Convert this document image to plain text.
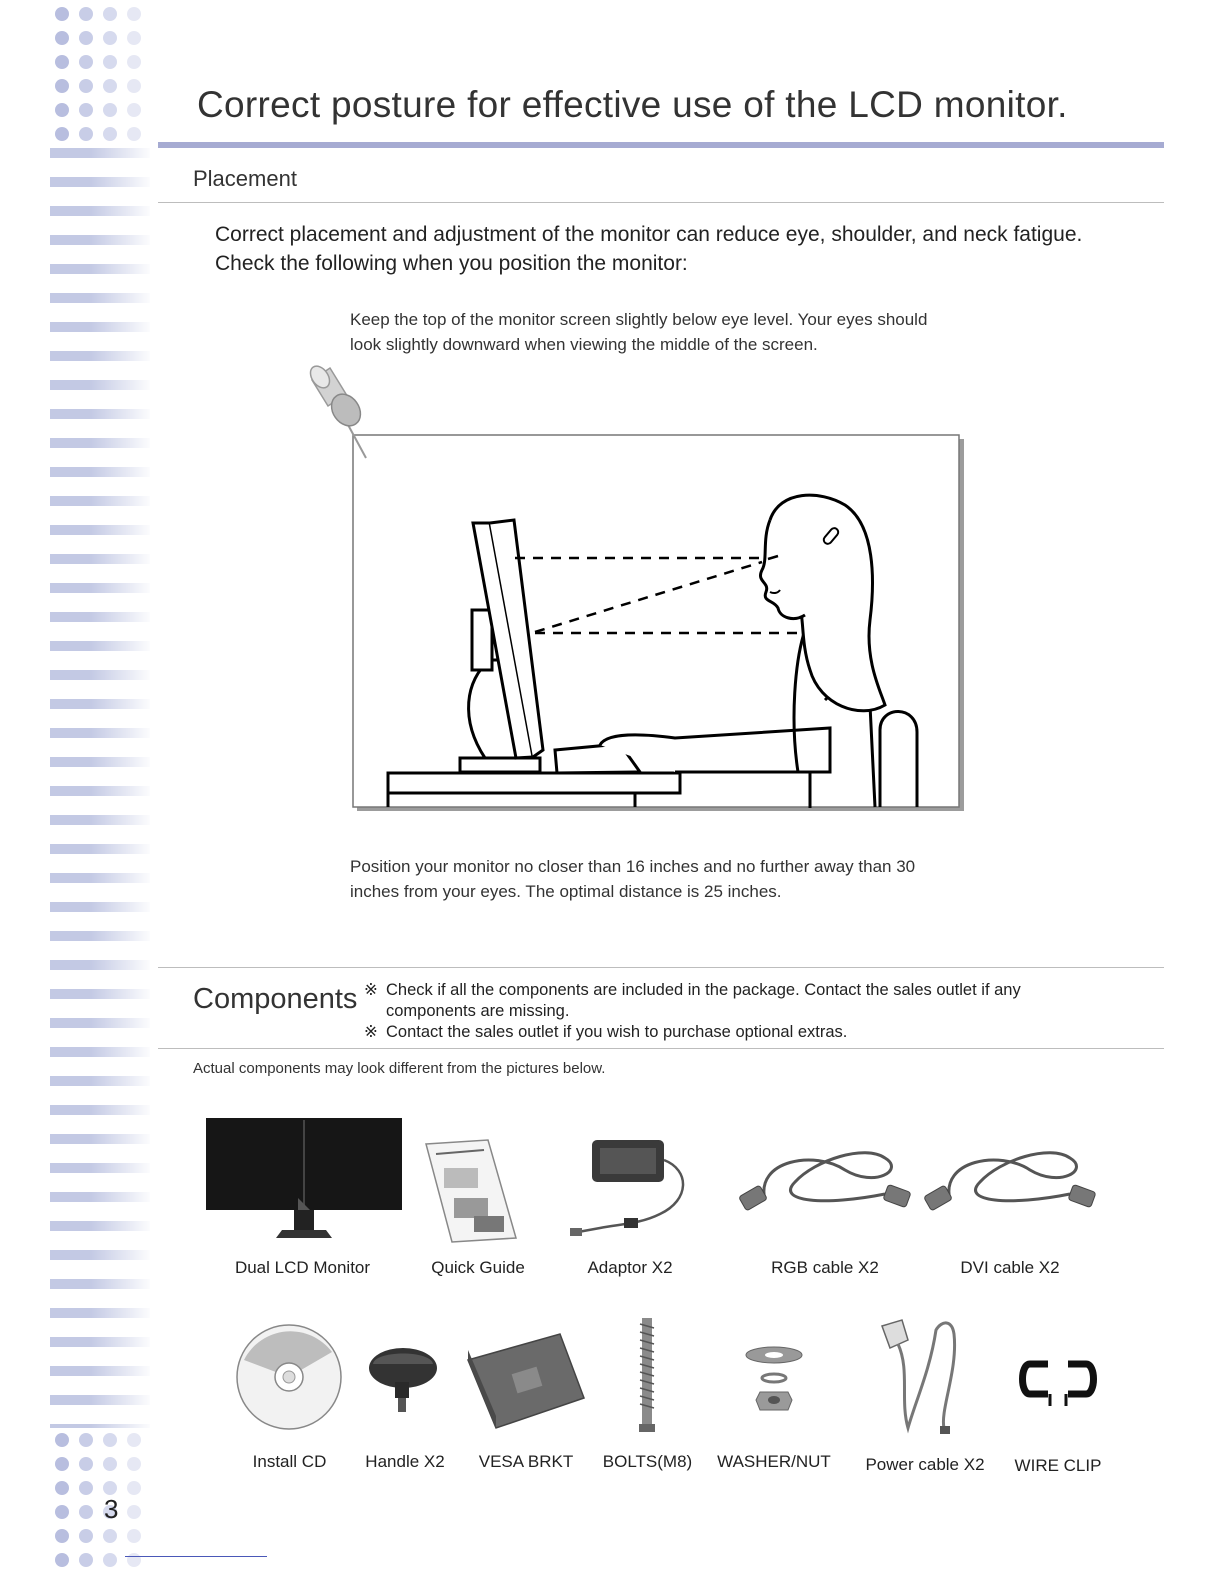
3
Correct posture for effective use of the LCD monitor.
Placement
Correct placement and adjustment of the monitor can reduce eye, shoulder, and neck fatigue.
Check the following when you position the monitor:
Keep the top of the monitor screen slightly below eye level. Your eyes should
look slightly downward when viewing the middle of the screen.
Position your monitor no closer than 16 inches and no further away than 30
inches from your eyes. The optimal distance is 25 inches.
Components ※ Check if all the components are included in the package. Contact the sales outlet if any
components are missing.
※ Contact the sales outlet if you wish to purchase optional extras.
Actual components may look different from the pictures below.
Dual LCD Monitor	Quick Guide	Adaptor X2	RGB cable X2	DVI cable X2
Install CD Handle X2 VESA BRKT BOLTS(M8) WASHER/NUT Power cable X2 WIRE CLIP
